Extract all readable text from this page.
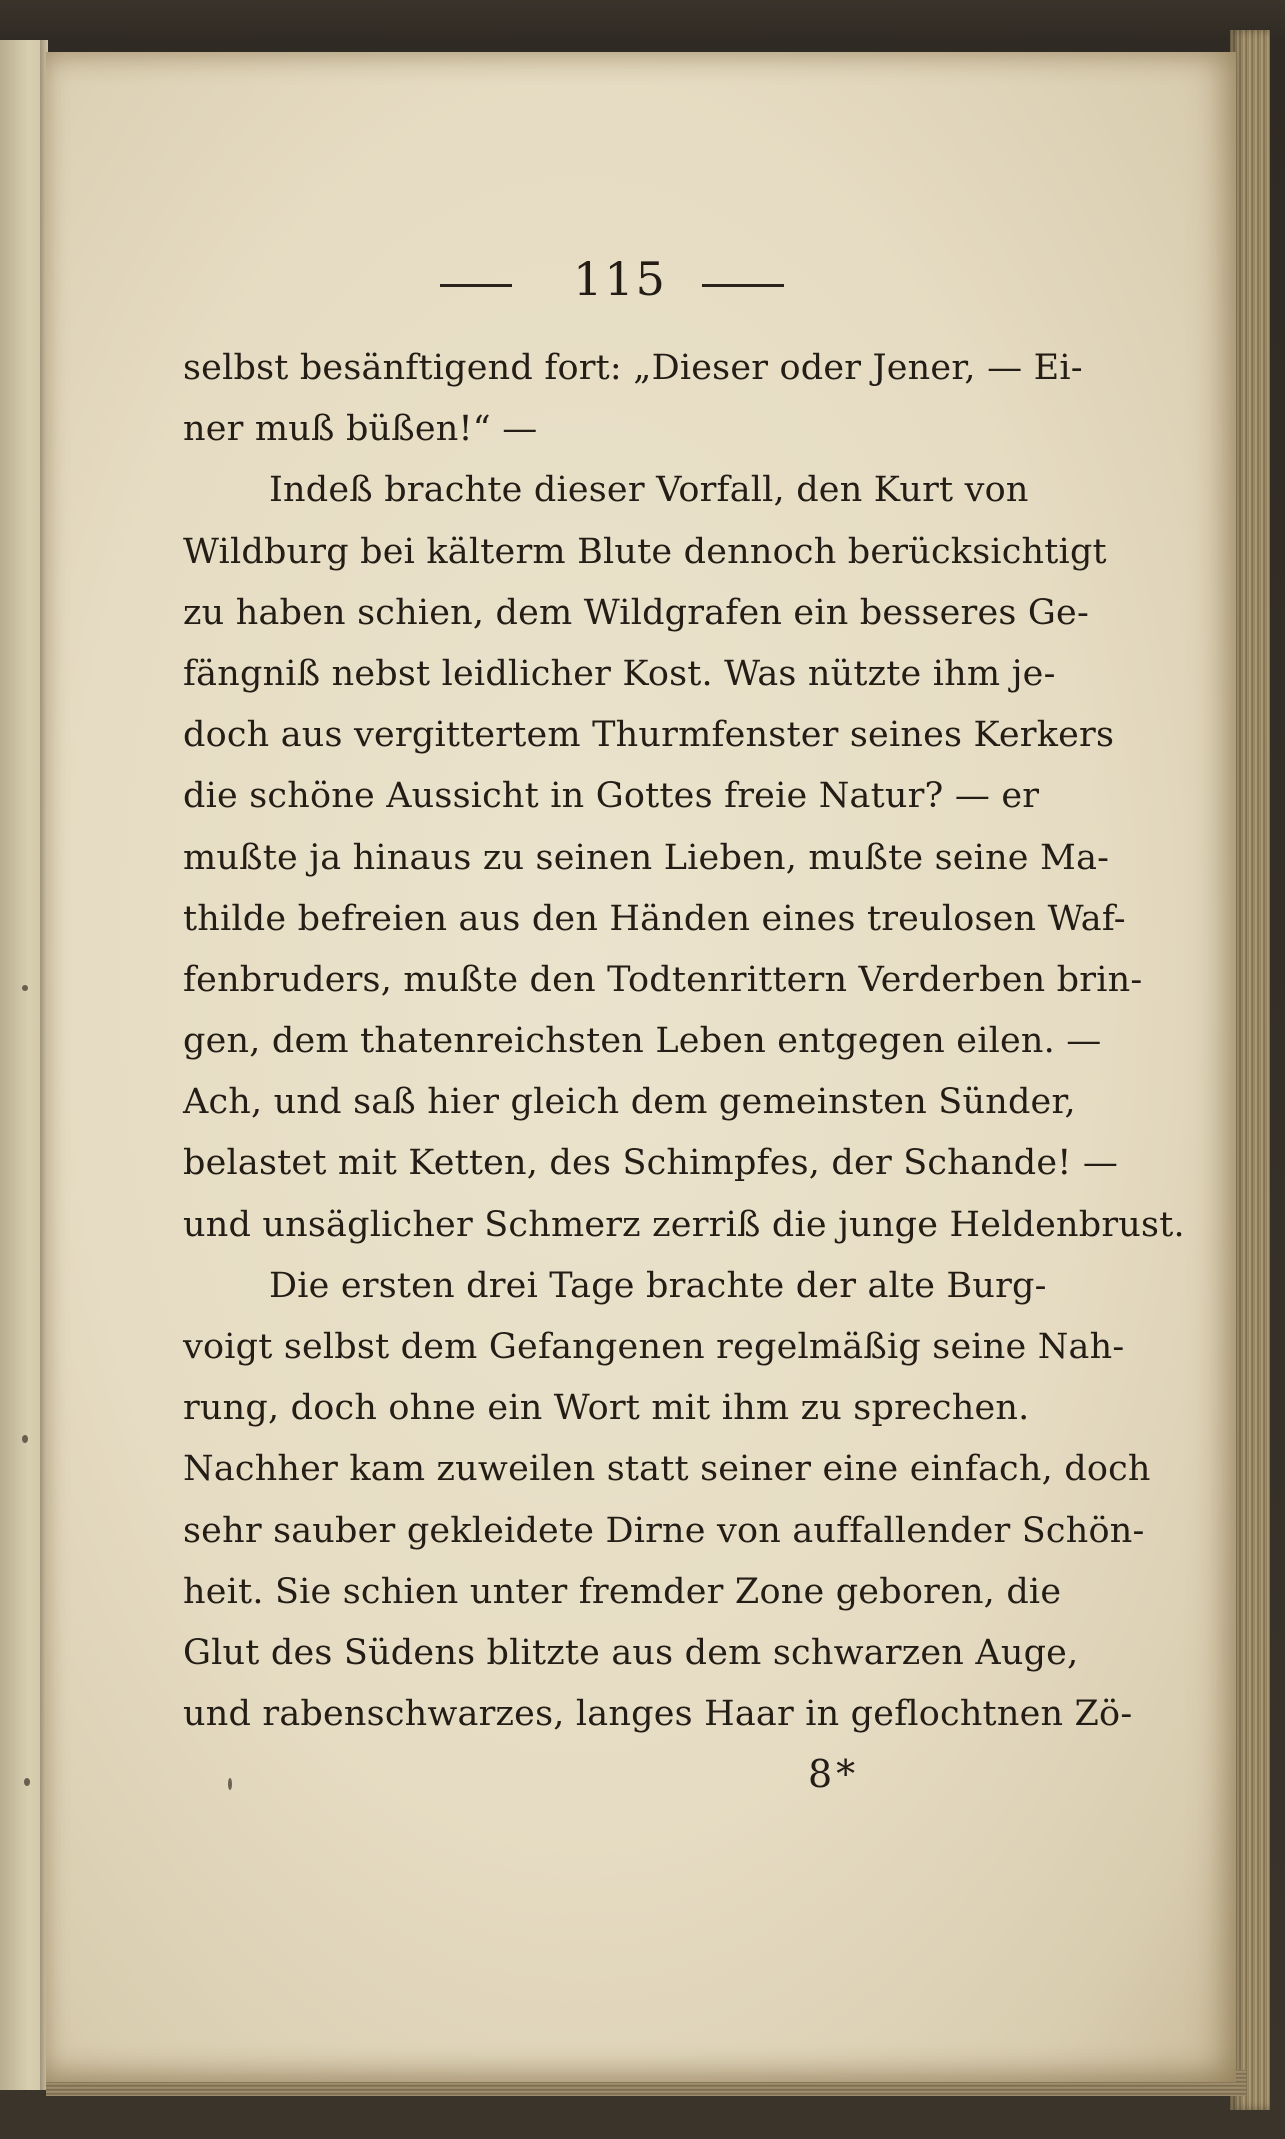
115
selbst besänftigend fort: „Dieser oder Jener, — Ei-
ner muß büßen!“ —
Indeß brachte dieser Vorfall, den Kurt von
Wildburg bei kälterm Blute dennoch berücksichtigt
zu haben schien, dem Wildgrafen ein besseres Ge-
fängniß nebst leidlicher Kost. Was nützte ihm je-
doch aus vergittertem Thurmfenster seines Kerkers
die schöne Aussicht in Gottes freie Natur? — er
mußte ja hinaus zu seinen Lieben, mußte seine Ma-
thilde befreien aus den Händen eines treulosen Waf-
fenbruders, mußte den Todtenrittern Verderben brin-
gen, dem thatenreichsten Leben entgegen eilen. —
Ach, und saß hier gleich dem gemeinsten Sünder,
belastet mit Ketten, des Schimpfes, der Schande! —
und unsäglicher Schmerz zerriß die junge Heldenbrust.
Die ersten drei Tage brachte der alte Burg-
voigt selbst dem Gefangenen regelmäßig seine Nah-
rung, doch ohne ein Wort mit ihm zu sprechen.
Nachher kam zuweilen statt seiner eine einfach, doch
sehr sauber gekleidete Dirne von auffallender Schön-
heit. Sie schien unter fremder Zone geboren, die
Glut des Südens blitzte aus dem schwarzen Auge,
und rabenschwarzes, langes Haar in geflochtnen Zö-
8*
